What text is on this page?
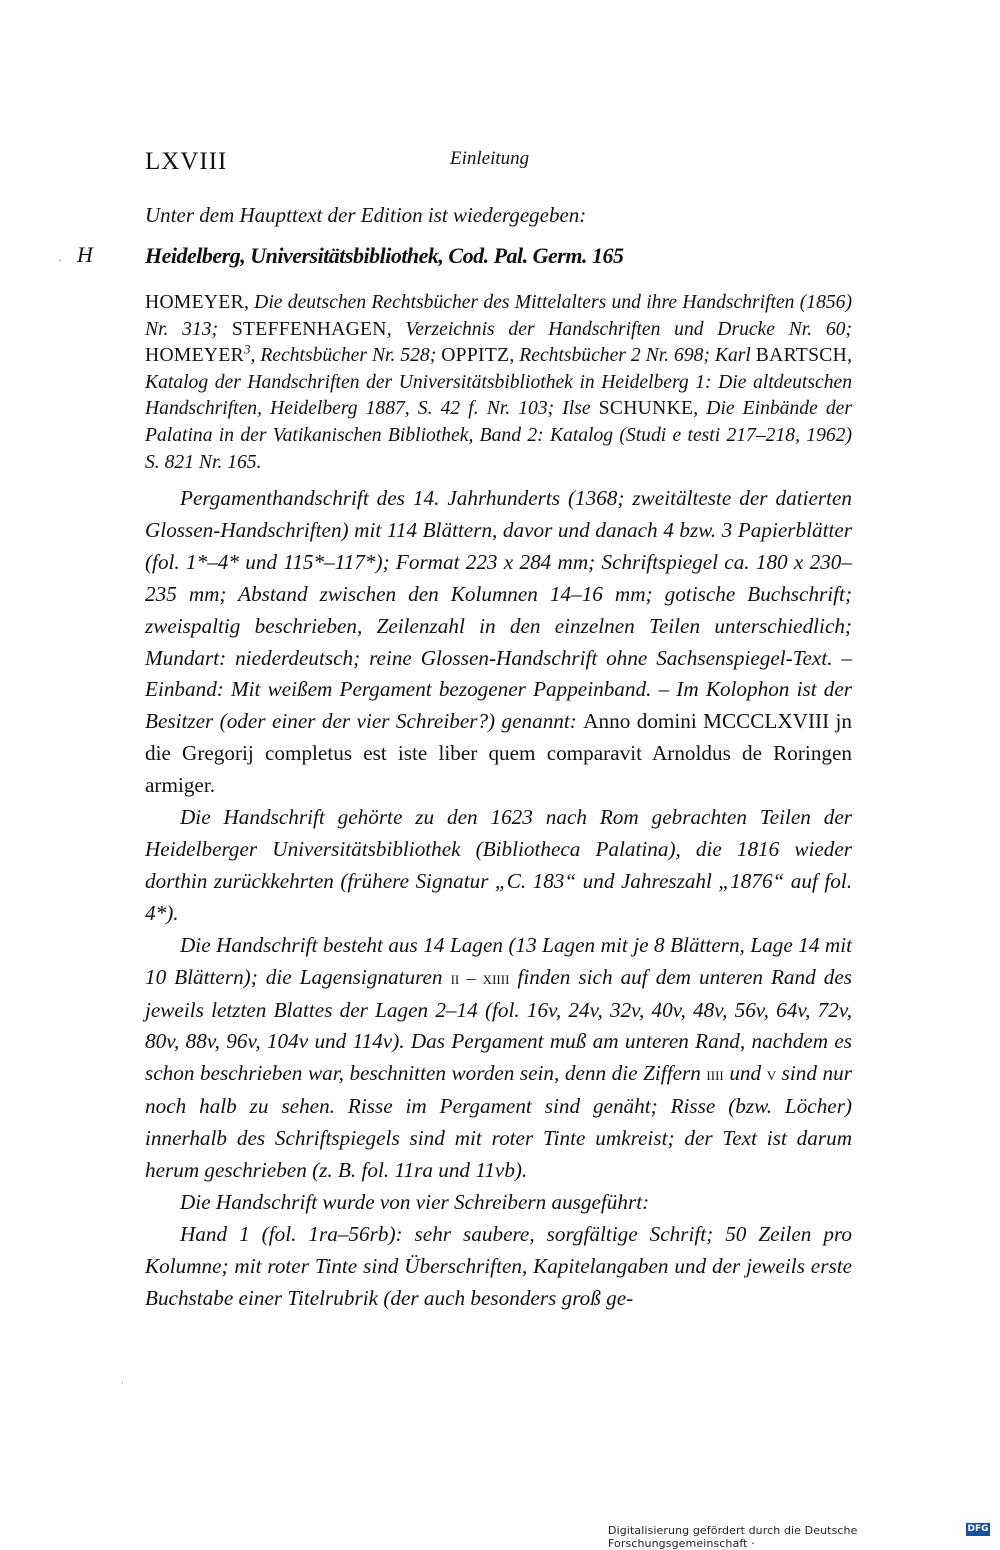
LXVIII	Einleitung
Unter dem Haupttext der Edition ist wiedergegeben:
` H Heidelberg, Universitätsbibliothek, Cod. Pal. Germ. 165
HOMEYER, Die deutschen Rechtsbücher des Mittelalters und ihre Handschriften (1856) Nr. 313; STEFFENHAGEN, Verzeichnis der Handschriften und Drucke Nr. 60; HOMEYER$^3$, Rechtsbücher Nr. 528; OPPITZ, Rechtsbücher 2 Nr. 698; Karl BARTSCH, Katalog der Handschriften der Universitätsbibliothek in Heidelberg 1: Die altdeutschen Handschriften, Heidelberg 1887, S. 42 f. Nr. 103; Ilse SCHUNKE, Die Einbände der Palatina in der Vatikanischen Bibliothek, Band 2: Katalog (Studi e testi 217–218, 1962) S. 821 Nr. 165.

Pergamenthandschrift des 14. Jahrhunderts (1368; zweitälteste der datierten Glossen-Handschriften) mit 114 Blättern, davor und danach 4 bzw. 3 Papierblätter (fol. 1*–4* und 115*–117*); Format 223 x 284 mm; Schriftspiegel ca. 180 x 230–235 mm; Abstand zwischen den Kolumnen 14–16 mm; gotische Buchschrift; zweispaltig beschrieben, Zeilenzahl in den einzelnen Teilen unterschiedlich; Mundart: niederdeutsch; reine Glossen-Handschrift ohne Sachsenspiegel-Text. – Einband: Mit weißem Pergament bezogener Pappeinband. – Im Kolophon ist der Besitzer (oder einer der vier Schreiber?) genannt: Anno domini MCCCLXVIII jn die Gregorij completus est iste liber quem comparavit Arnoldus de Roringen armiger.

Die Handschrift gehörte zu den 1623 nach Rom gebrachten Teilen der Heidelberger Universitätsbibliothek (Bibliotheca Palatina), die 1816 wieder dorthin zurückkehrten (frühere Signatur „C. 183“ und Jahreszahl „1876“ auf fol. 4*).

Die Handschrift besteht aus 14 Lagen (13 Lagen mit je 8 Blättern, Lage 14 mit 10 Blättern); die Lagensignaturen ii – xiiii finden sich auf dem unteren Rand des jeweils letzten Blattes der Lagen 2–14 (fol. 16v, 24v, 32v, 40v, 48v, 56v, 64v, 72v, 80v, 88v, 96v, 104v und 114v). Das Pergament muß am unteren Rand, nachdem es schon beschrieben war, beschnitten worden sein, denn die Ziffern iiii und v sind nur noch halb zu sehen. Risse im Pergament sind genäht; Risse (bzw. Löcher) innerhalb des Schriftspiegels sind mit roter Tinte umkreist; der Text ist darum herum geschrieben (z. B. fol. 11ra und 11vb).

Die Handschrift wurde von vier Schreibern ausgeführt:

Hand 1 (fol. 1ra–56rb): sehr saubere, sorgfältige Schrift; 50 Zeilen pro Kolumne; mit roter Tinte sind Überschriften, Kapitelangaben und der jeweils erste Buchstabe einer Titelrubrik (der auch besonders groß ge-

Digitalisierung gefördert durch die Deutsche Forschungsgemeinschaft ·
DFG
